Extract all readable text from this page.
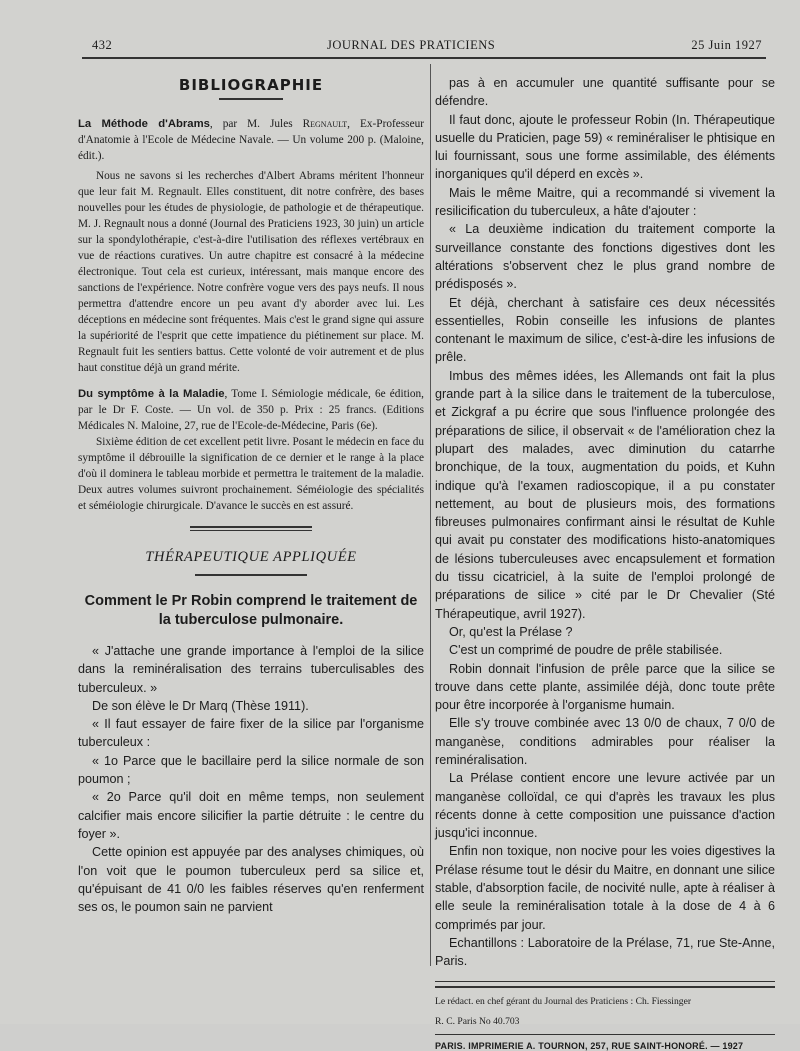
432	JOURNAL DES PRATICIENS	25 Juin 1927
BIBLIOGRAPHIE

La Méthode d'Abrams, par M. Jules Regnault, Ex-Professeur d'Anatomie à l'Ecole de Médecine Navale. — Un volume 200 p. (Maloine, édit.).

Nous ne savons si les recherches d'Albert Abrams méritent l'honneur que leur fait M. Regnault. Elles constituent, dit notre confrère, des bases nouvelles pour les études de physiologie, de pathologie et de thérapeutique. M. J. Regnault nous a donné (Journal des Praticiens 1923, 30 juin) un article sur la spondylothérapie, c'est-à-dire l'utilisation des réflexes vertébraux en vue de réactions curatives. Un autre chapitre est consacré à la médecine électronique. Tout cela est curieux, intéressant, mais manque encore des sanctions de l'expérience. Notre confrère vogue vers des pays neufs. Il nous permettra d'attendre encore un peu avant d'y aborder avec lui. Les déceptions en médecine sont fréquentes. Mais c'est le grand signe qui assure la supériorité de l'esprit que cette impatience du piétinement sur place. M. Regnault fuit les sentiers battus. Cette volonté de voir autrement et de plus haut constitue déjà un grand mérite.

Du symptôme à la Maladie, Tome I. Sémiologie médicale, 6e édition, par le Dr F. Coste. — Un vol. de 350 p. Prix : 25 francs. (Editions Médicales N. Maloine, 27, rue de l'Ecole-de-Médecine, Paris (6e).

Sixième édition de cet excellent petit livre. Posant le médecin en face du symptôme il débrouille la signification de ce dernier et le range à la place d'où il dominera le tableau morbide et permettra le traitement de la maladie. Deux autres volumes suivront prochainement. Séméiologie des spécialités et séméiologie chirurgicale. D'avance le succès en est assuré.

THÉRAPEUTIQUE APPLIQUÉE
Comment le Pr Robin comprend le traitement de la tuberculose pulmonaire.

« J'attache une grande importance à l'emploi de la silice dans la reminéralisation des terrains tuberculisables des tuberculeux. »

De son élève le Dr Marq (Thèse 1911).

« Il faut essayer de faire fixer de la silice par l'organisme tuberculeux :

« 1o Parce que le bacillaire perd la silice normale de son poumon ;

« 2o Parce qu'il doit en même temps, non seulement calcifier mais encore silicifier la partie détruite : le centre du foyer ».

Cette opinion est appuyée par des analyses chimiques, où l'on voit que le poumon tuberculeux perd sa silice et, qu'épuisant de 41 0/0 les faibles réserves qu'en renferment ses os, le poumon sain ne parvient

pas à en accumuler une quantité suffisante pour se défendre.

Il faut donc, ajoute le professeur Robin (In. Thérapeutique usuelle du Praticien, page 59) « reminéraliser le phtisique en lui fournissant, sous une forme assimilable, des éléments inorganiques qu'il déperd en excès ».

Mais le même Maitre, qui a recommandé si vivement la resilicification du tuberculeux, a hâte d'ajouter :

« La deuxième indication du traitement comporte la surveillance constante des fonctions digestives dont les altérations s'observent chez le plus grand nombre de prédisposés ».

Et déjà, cherchant à satisfaire ces deux nécessités essentielles, Robin conseille les infusions de plantes contenant le maximum de silice, c'est-à-dire les infusions de prêle.

Imbus des mêmes idées, les Allemands ont fait la plus grande part à la silice dans le traitement de la tuberculose, et Zickgraf a pu écrire que sous l'influence prolongée des préparations de silice, il observait « de l'amélioration chez la plupart des malades, avec diminution du catarrhe bronchique, de la toux, augmentation du poids, et Kuhn indique qu'à l'examen radioscopique, il a pu constater nettement, au bout de plusieurs mois, des formations fibreuses pulmonaires confirmant ainsi le résultat de Kuhle qui avait pu constater des modifications histo-anatomiques de lésions tuberculeuses avec encapsulement et formation du tissu cicatriciel, à la suite de l'emploi prolongé de préparations de silice » cité par le Dr Chevalier (Sté Thérapeutique, avril 1927).

Or, qu'est la Prélase ?

C'est un comprimé de poudre de prêle stabilisée.

Robin donnait l'infusion de prêle parce que la silice se trouve dans cette plante, assimilée déjà, donc toute prête pour être incorporée à l'organisme humain.

Elle s'y trouve combinée avec 13 0/0 de chaux, 7 0/0 de manganèse, conditions admirables pour réaliser la reminéralisation.

La Prélase contient encore une levure activée par un manganèse colloïdal, ce qui d'après les travaux les plus récents donne à cette composition une puissance d'action jusqu'ici inconnue.

Enfin non toxique, non nocive pour les voies digestives la Prélase résume tout le désir du Maitre, en donnant une silice stable, d'absorption facile, de nocivité nulle, apte à réaliser à elle seule la reminéralisation totale à la dose de 4 à 6 comprimés par jour.

Echantillons : Laboratoire de la Prélase, 71, rue Ste-Anne, Paris.

Le rédact. en chef gérant du Journal des Praticiens : Ch. Fiessinger
R. C. Paris No 40.703
PARIS. IMPRIMERIE A. TOURNON, 257, RUE SAINT-HONORÉ. — 1927
